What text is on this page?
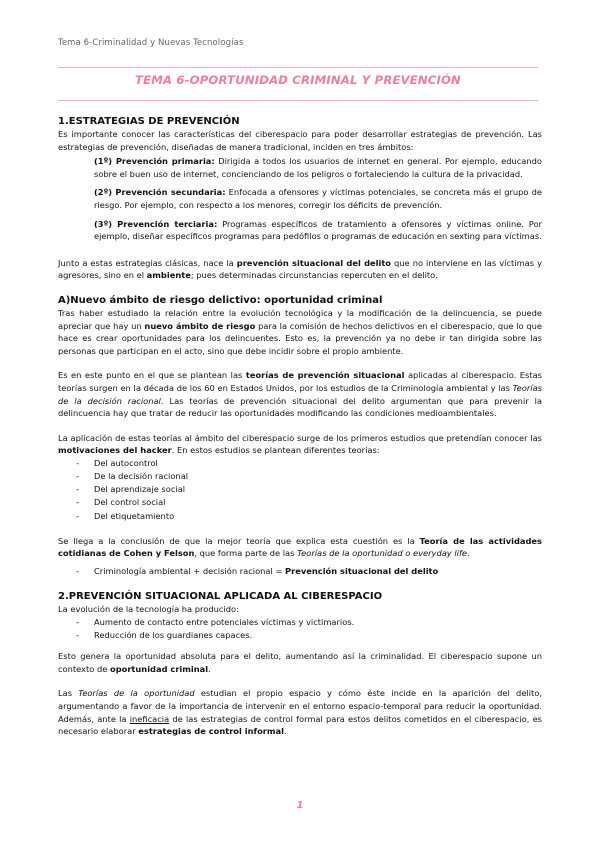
Tema 6-Criminalidad y Nuevas Tecnologías
TEMA 6-OPORTUNIDAD CRIMINAL Y PREVENCIÓN
1.ESTRATEGIAS DE PREVENCIÓN

Es importante conocer las características del ciberespacio para poder desarrollar estrategias de prevención. Las estrategias de prevención, diseñadas de manera tradicional, inciden en tres ámbitos:

(1º) Prevención primaria: Dirigida a todos los usuarios de internet en general. Por ejemplo, educando sobre el buen uso de internet, concienciando de los peligros o fortaleciendo la cultura de la privacidad.

(2º) Prevención secundaria: Enfocada a ofensores y víctimas potenciales, se concreta más el grupo de riesgo. Por ejemplo, con respecto a los menores, corregir los déficits de prevención.

(3º) Prevención terciaria: Programas específicos de tratamiento a ofensores y víctimas online. Por ejemplo, diseñar específicos programas para pedófilos o programas de educación en sexting para víctimas.

Junto a estas estrategias clásicas, nace la prevención situacional del delito que no interviene en las víctimas y agresores, sino en el ambiente; pues determinadas circunstancias repercuten en el delito.

A)Nuevo ámbito de riesgo delictivo: oportunidad criminal

Tras haber estudiado la relación entre la evolución tecnológica y la modificación de la delincuencia, se puede apreciar que hay un nuevo ámbito de riesgo para la comisión de hechos delictivos en el ciberespacio, que lo que hace es crear oportunidades para los delincuentes. Esto es, la prevención ya no debe ir tan dirigida sobre las personas que participan en el acto, sino que debe incidir sobre el propio ambiente.

Es en este punto en el que se plantean las teorías de prevención situacional aplicadas al ciberespacio. Estas teorías surgen en la década de los 60 en Estados Unidos, por los estudios de la Criminología ambiental y las Teorías de la decisión racional. Las teorías de prevención situacional del delito argumentan que para prevenir la delincuencia hay que tratar de reducir las oportunidades modificando las condiciones medioambientales.

La aplicación de estas teorías al ámbito del ciberespacio surge de los primeros estudios que pretendían conocer las motivaciones del hacker. En estos estudios se plantean diferentes teorías:

- Del autocontrol
- De la decisión racional
- Del aprendizaje social
- Del control social
- Del etiquetamiento

Se llega a la conclusión de que la mejor teoría que explica esta cuestión es la Teoría de las actividades cotidianas de Cohen y Felson, que forma parte de las Teorías de la oportunidad o everyday life.

- Criminología ambiental + decisión racional = Prevención situacional del delito
2.PREVENCIÓN SITUACIONAL APLICADA AL CIBERESPACIO

La evolución de la tecnología ha producido:

- Aumento de contacto entre potenciales víctimas y victimarios.
- Reducción de los guardianes capaces.

Esto genera la oportunidad absoluta para el delito, aumentando así la criminalidad. El ciberespacio supone un contexto de oportunidad criminal.

Las Teorías de la oportunidad estudian el propio espacio y cómo éste incide en la aparición del delito, argumentando a favor de la importancia de intervenir en el entorno espacio-temporal para reducir la oportunidad. Además, ante la ineficacia de las estrategias de control formal para estos delitos cometidos en el ciberespacio, es necesario elaborar estrategias de control informal.

1
